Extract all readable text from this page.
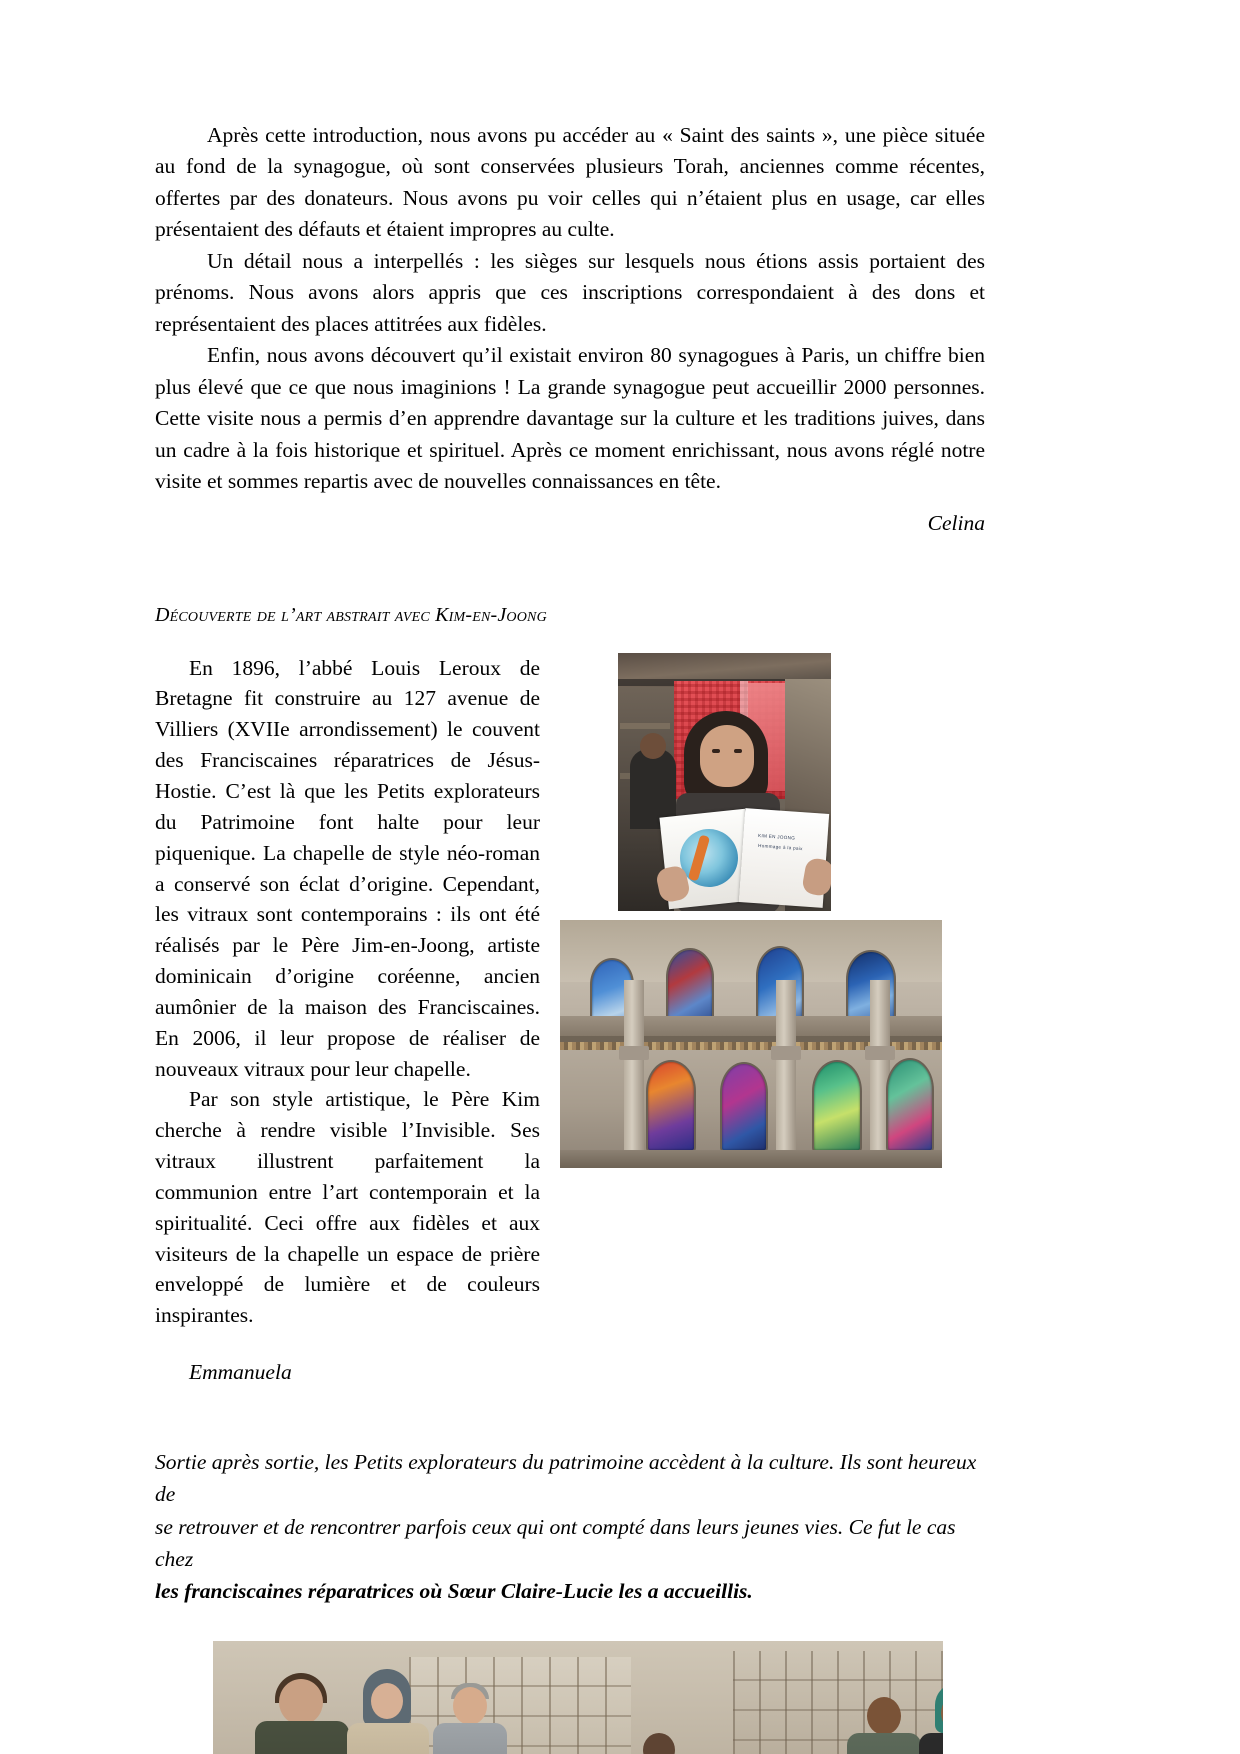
Après cette introduction, nous avons pu accéder au « Saint des saints », une pièce située au fond de la synagogue, où sont conservées plusieurs Torah, anciennes comme récentes, offertes par des donateurs. Nous avons pu voir celles qui n’étaient plus en usage, car elles présentaient des défauts et étaient impropres au culte.

Un détail nous a interpellés : les sièges sur lesquels nous étions assis portaient des prénoms. Nous avons alors appris que ces inscriptions correspondaient à des dons et représentaient des places attitrées aux fidèles.

Enfin, nous avons découvert qu’il existait environ 80 synagogues à Paris, un chiffre bien plus élevé que ce que nous imaginions ! La grande synagogue peut accueillir 2000 personnes. Cette visite nous a permis d’en apprendre davantage sur la culture et les traditions juives, dans un cadre à la fois historique et spirituel. Après ce moment enrichissant, nous avons réglé notre visite et sommes repartis avec de nouvelles connaissances en tête.

Celina

Découverte de l’art abstrait avec Kim-en-Joong

En 1896, l’abbé Louis Leroux de Bretagne fit construire au 127 avenue de Villiers (XVIIe arrondissement) le couvent des Franciscaines réparatrices de Jésus-Hostie. C’est là que les Petits explorateurs du Patrimoine font halte pour leur piquenique. La chapelle de style néo-roman a conservé son éclat d’origine. Cependant, les vitraux sont contemporains : ils ont été réalisés par le Père Jim-en-Joong, artiste dominicain d’origine coréenne, ancien aumônier de la maison des Franciscaines. En 2006, il leur propose de réaliser de nouveaux vitraux pour leur chapelle.

Par son style artistique, le Père Kim cherche à rendre visible l’Invisible. Ses vitraux illustrent parfaitement la communion entre l’art contemporain et la spiritualité. Ceci offre aux fidèles et aux visiteurs de la chapelle un espace de prière enveloppé de lumière et de couleurs inspirantes.

Emmanuela

KIM EN JOONG
Hommage à la paix

Sortie après sortie, les Petits explorateurs du patrimoine accèdent à la culture. Ils sont heureux de

se retrouver et de rencontrer parfois ceux qui ont compté dans leurs jeunes vies. Ce fut le cas chez

les franciscaines réparatrices où Sœur Claire-Lucie les a accueillis.
